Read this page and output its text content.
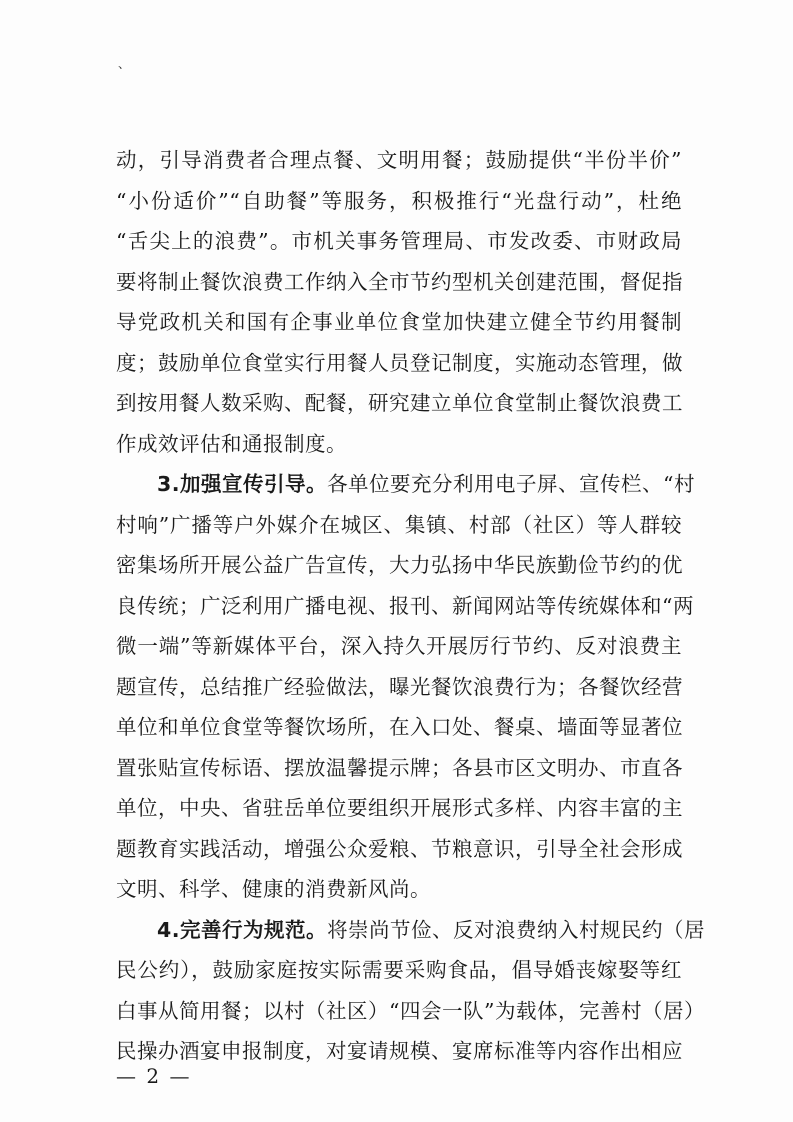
、
动，引导消费者合理点餐、文明用餐；鼓励提供“半份半价”
“小份适价”“自助餐”等服务，积极推行“光盘行动”，杜绝
“舌尖上的浪费”。市机关事务管理局、市发改委、市财政局
要将制止餐饮浪费工作纳入全市节约型机关创建范围，督促指
导党政机关和国有企事业单位食堂加快建立健全节约用餐制
度；鼓励单位食堂实行用餐人员登记制度，实施动态管理，做
到按用餐人数采购、配餐，研究建立单位食堂制止餐饮浪费工
作成效评估和通报制度。
3.加强宣传引导。各单位要充分利用电子屏、宣传栏、“村
村响”广播等户外媒介在城区、集镇、村部（社区）等人群较
密集场所开展公益广告宣传，大力弘扬中华民族勤俭节约的优
良传统；广泛利用广播电视、报刊、新闻网站等传统媒体和“两
微一端”等新媒体平台，深入持久开展厉行节约、反对浪费主
题宣传，总结推广经验做法，曝光餐饮浪费行为；各餐饮经营
单位和单位食堂等餐饮场所，在入口处、餐桌、墙面等显著位
置张贴宣传标语、摆放温馨提示牌；各县市区文明办、市直各
单位，中央、省驻岳单位要组织开展形式多样、内容丰富的主
题教育实践活动，增强公众爱粮、节粮意识，引导全社会形成
文明、科学、健康的消费新风尚。
4.完善行为规范。将崇尚节俭、反对浪费纳入村规民约（居
民公约），鼓励家庭按实际需要采购食品，倡导婚丧嫁娶等红
白事从简用餐；以村（社区）“四会一队”为载体，完善村（居）
民操办酒宴申报制度，对宴请规模、宴席标准等内容作出相应
— 2 —
